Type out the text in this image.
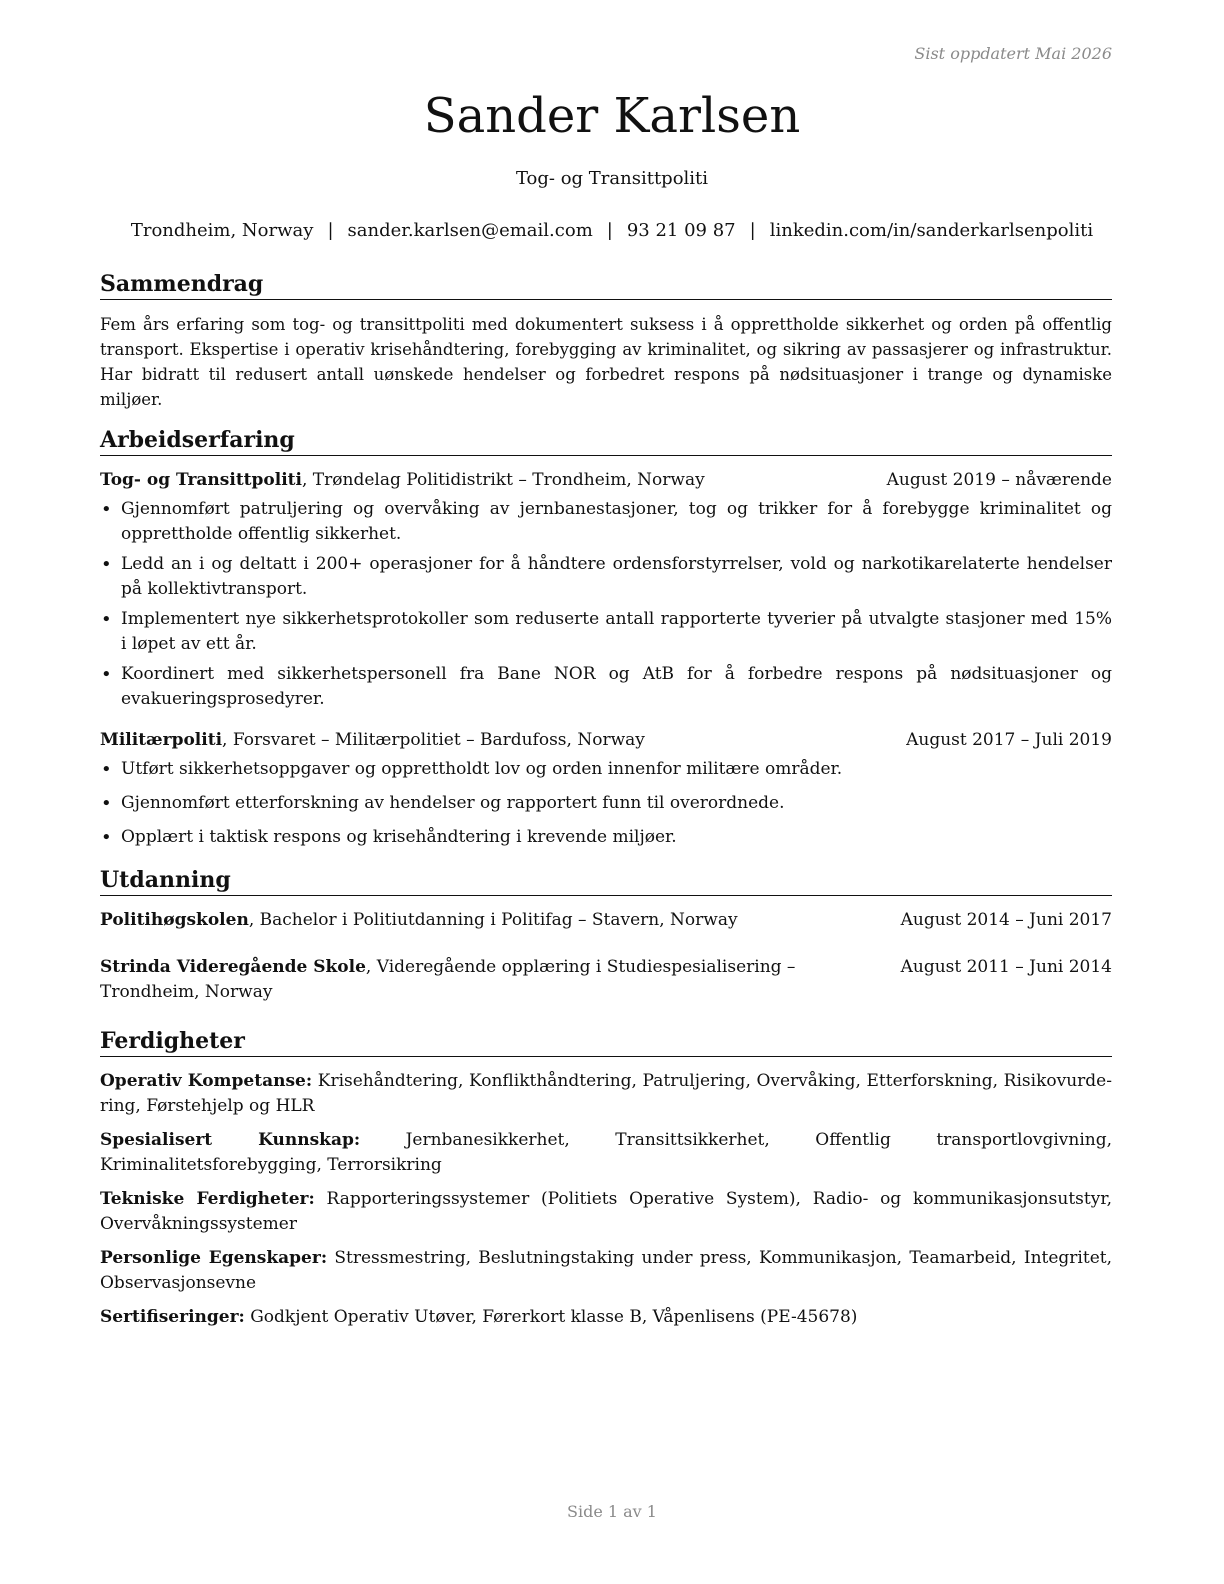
Sist oppdatert Mai 2026
Sander Karlsen
Tog- og Transittpoliti
Trondheim, Norway | sander.karlsen@email.com | 93 21 09 87 | linkedin.com/in/sanderkarlsenpoliti
Sammendrag

Fem års erfaring som tog- og transittpoliti med dokumentert suksess i å opprettholde sikkerhet og orden på offentlig transport. Ekspertise i operativ krisehåndtering, forebygging av kriminalitet, og sikring av passasjerer og infrastruktur. Har bidratt til redusert antall uønskede hendelser og forbedret respons på nødsituasjoner i trange og dynamiske miljøer.

Arbeidserfaring
Tog- og Transittpoliti, Trøndelag Politidistrikt – Trondheim, Norway	August 2019 – nåværende
• Gjennomført patruljering og overvåking av jernbanestasjoner, tog og trikker for å forebygge kriminalitet og opprettholde offentlig sikkerhet.
• Ledd an i og deltatt i 200+ operasjoner for å håndtere ordensforstyrrelser, vold og narkotikarelaterte hendelser på kollektivtransport.
• Implementert nye sikkerhetsprotokoller som reduserte antall rapporterte tyverier på utvalgte stasjoner med 15% i løpet av ett år.
• Koordinert med sikkerhetspersonell fra Bane NOR og AtB for å forbedre respons på nødsituasjoner og evakueringsprosedyrer.
Militærpoliti, Forsvaret – Militærpolitiet – Bardufoss, Norway	August 2017 – Juli 2019
• Utført sikkerhetsoppgaver og opprettholdt lov og orden innenfor militære områder.
• Gjennomført etterforskning av hendelser og rapportert funn til overordnede.
• Opplært i taktisk respons og krisehåndtering i krevende miljøer.
Utdanning
Politihøgskolen, Bachelor i Politiutdanning i Politifag – Stavern, Norway	August 2014 – Juni 2017
Strinda Videregående Skole, Videregående opplæring i Studiespesialisering – Trondheim, Norway
August 2011 – Juni 2014
Ferdigheter
Operativ Kompetanse: Krisehåndtering, Konflikthåndtering, Patruljering, Overvåking, Etterforskning, Risikovurdering, Førstehjelp og HLR
Spesialisert Kunnskap: Jernbanesikkerhet, Transittsikkerhet, Offentlig transportlovgivning, Kriminalitetsforebygging, Terrorsikring
Tekniske Ferdigheter: Rapporteringssystemer (Politiets Operative System), Radio- og kommunikasjonsutstyr, Overvåkningssystemer
Personlige Egenskaper: Stressmestring, Beslutningstaking under press, Kommunikasjon, Teamarbeid, Integritet, Observasjonsevne
Sertifiseringer: Godkjent Operativ Utøver, Førerkort klasse B, Våpenlisens (PE-45678)
Side 1 av 1
